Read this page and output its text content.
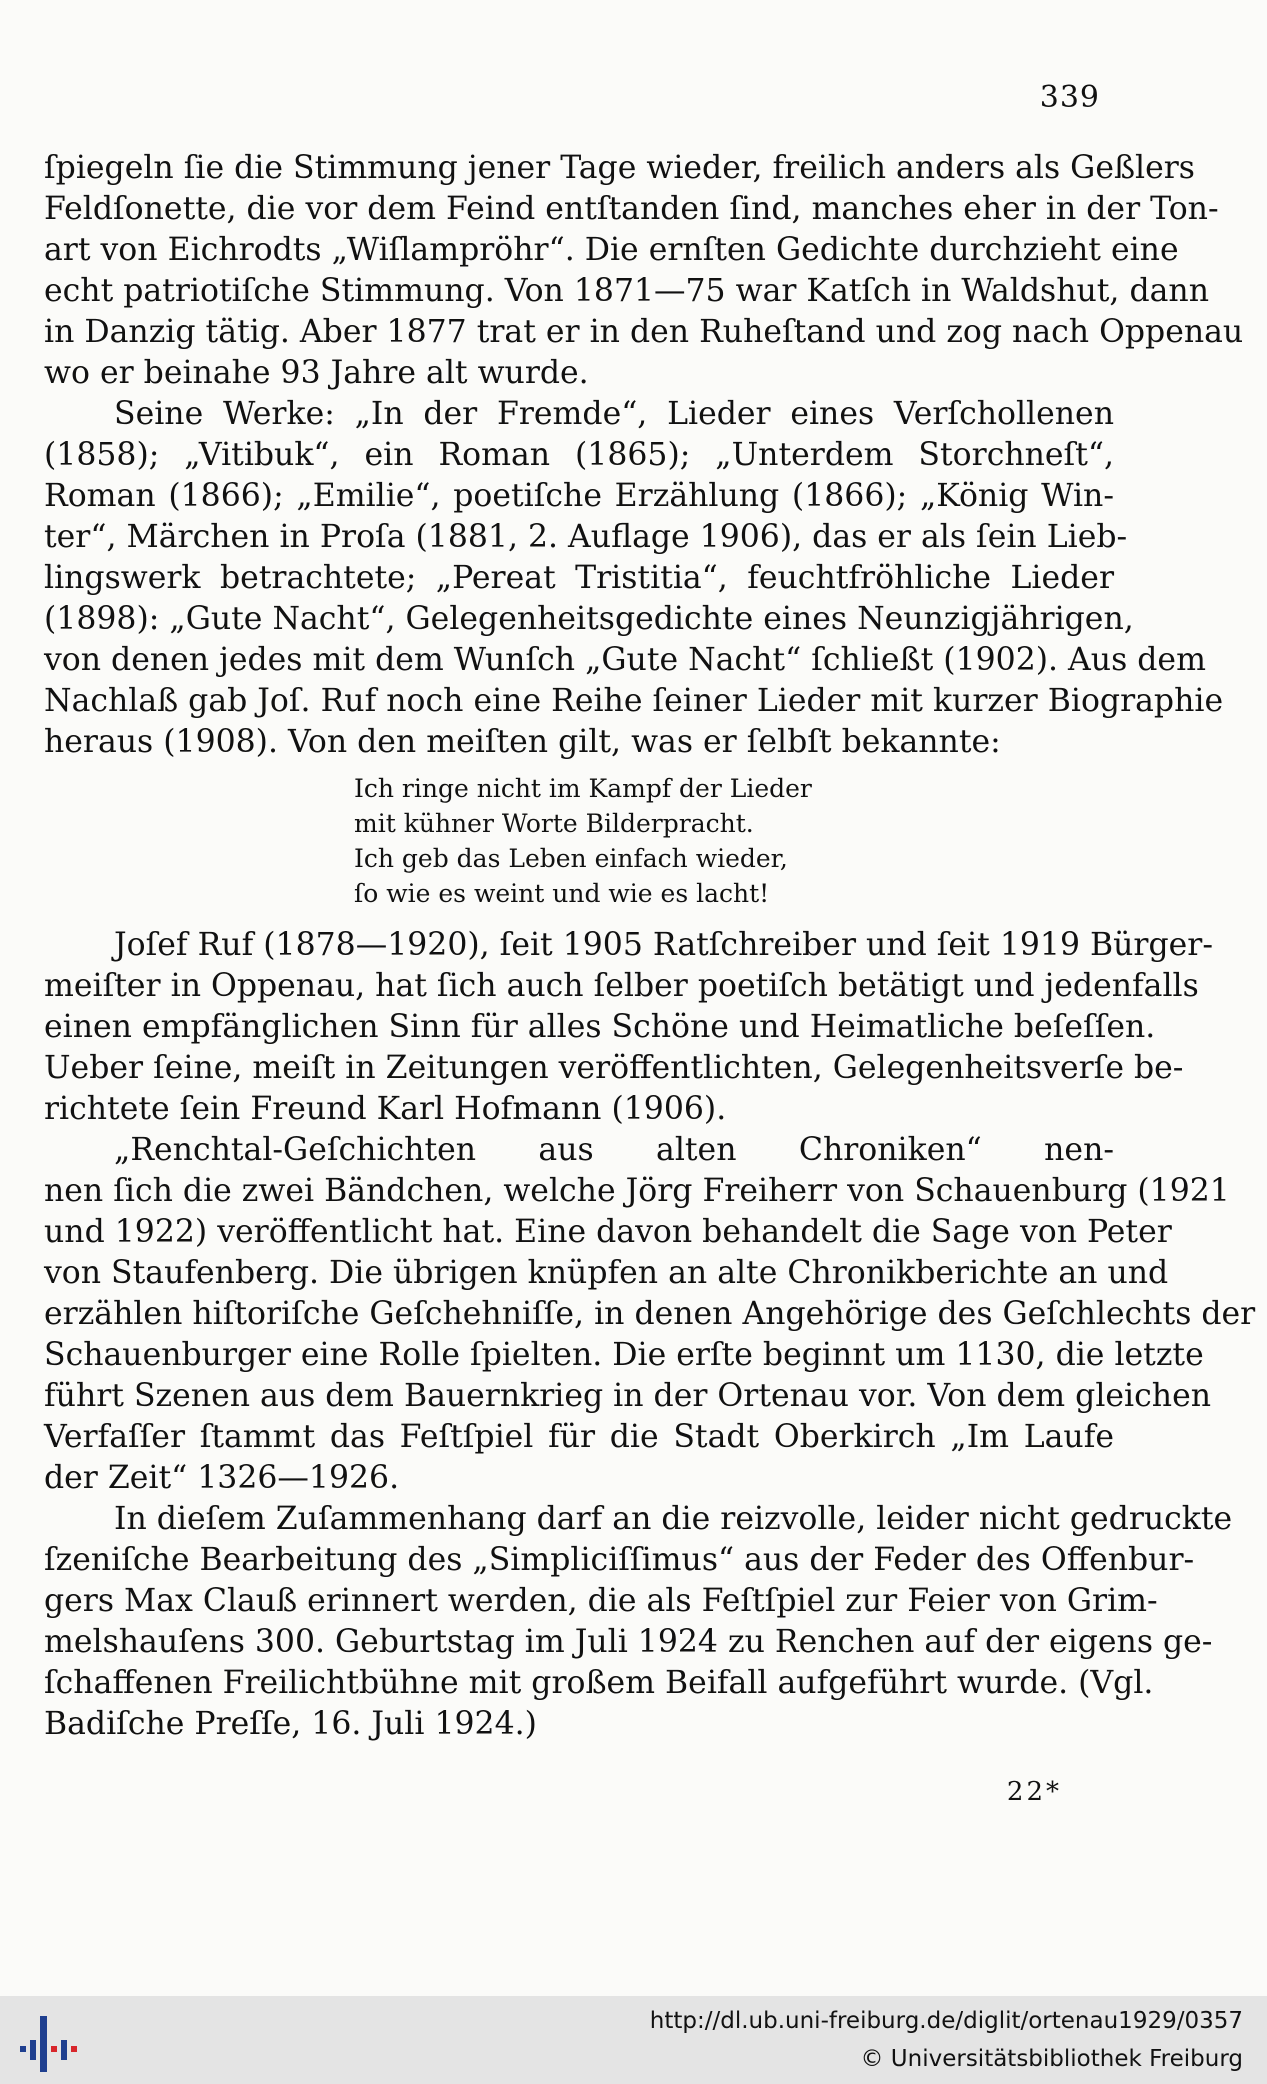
339
ſpiegeln ſie die Stimmung jener Tage wieder, freilich anders als Geßlers
Feldſonette, die vor dem Feind entſtanden ſind, manches eher in der Ton-
art von Eichrodts „Wiſlampröhr“. Die ernſten Gedichte durchzieht eine
echt patriotiſche Stimmung. Von 1871—75 war Katſch in Waldshut, dann
in Danzig tätig. Aber 1877 trat er in den Ruheſtand und zog nach Oppenau
wo er beinahe 93 Jahre alt wurde.
Seine Werke: „In der Fremde“, Lieder eines Verſchollenen
(1858); „Vitibuk“, ein Roman (1865); „Unterdem Storchneſt“,
Roman (1866); „Emilie“, poetiſche Erzählung (1866); „König Win-
ter“, Märchen in Proſa (1881, 2. Auflage 1906), das er als ſein Lieb-
lingswerk betrachtete; „Pereat Tristitia“, feuchtfröhliche Lieder
(1898): „Gute Nacht“, Gelegenheitsgedichte eines Neunzigjährigen,
von denen jedes mit dem Wunſch „Gute Nacht“ ſchließt (1902). Aus dem
Nachlaß gab Joſ. Ruf noch eine Reihe ſeiner Lieder mit kurzer Biographie
heraus (1908). Von den meiſten gilt, was er ſelbſt bekannte:
Ich ringe nicht im Kampf der Lieder
mit kühner Worte Bilderpracht.
Ich geb das Leben einfach wieder,
ſo wie es weint und wie es lacht!
Joſef Ruf (1878—1920), ſeit 1905 Ratſchreiber und ſeit 1919 Bürger-
meiſter in Oppenau, hat ſich auch ſelber poetiſch betätigt und jedenfalls
einen empfänglichen Sinn für alles Schöne und Heimatliche beſeſſen.
Ueber ſeine, meiſt in Zeitungen veröffentlichten, Gelegenheitsverſe be-
richtete ſein Freund Karl Hofmann (1906).
„Renchtal-Geſchichten aus alten Chroniken“ nen-
nen ſich die zwei Bändchen, welche Jörg Freiherr von Schauenburg (1921
und 1922) veröffentlicht hat. Eine davon behandelt die Sage von Peter
von Staufenberg. Die übrigen knüpfen an alte Chronikberichte an und
erzählen hiſtoriſche Geſchehniſſe, in denen Angehörige des Geſchlechts der
Schauenburger eine Rolle ſpielten. Die erſte beginnt um 1130, die letzte
führt Szenen aus dem Bauernkrieg in der Ortenau vor. Von dem gleichen
Verfaſſer ſtammt das Feſtſpiel für die Stadt Oberkirch „Im Laufe
der Zeit“ 1326—1926.
In dieſem Zuſammenhang darf an die reizvolle, leider nicht gedruckte
ſzeniſche Bearbeitung des „Simpliciſſimus“ aus der Feder des Offenbur-
gers Max Clauß erinnert werden, die als Feſtſpiel zur Feier von Grim-
melshauſens 300. Geburtstag im Juli 1924 zu Renchen auf der eigens ge-
ſchaffenen Freilichtbühne mit großem Beifall aufgeführt wurde. (Vgl.
Badiſche Preſſe, 16. Juli 1924.)
22*
http://dl.ub.uni-freiburg.de/diglit/ortenau1929/0357
© Universitätsbibliothek Freiburg
